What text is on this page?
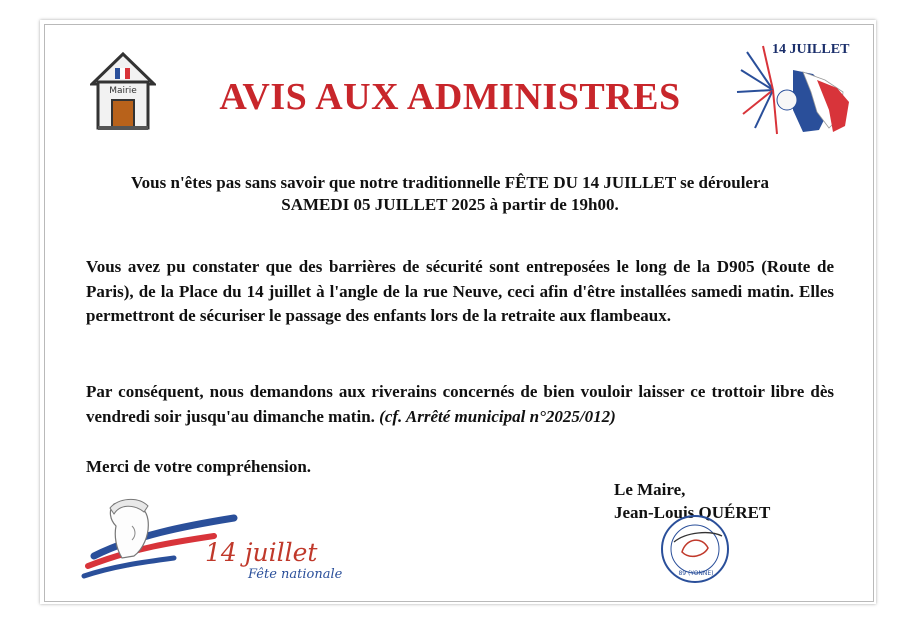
Mairie	AVIS AUX ADMINISTRES
14 JUILLET
Vous n'êtes pas sans savoir que notre traditionnelle FÊTE DU 14 JUILLET se déroulera
SAMEDI 05 JUILLET 2025 à partir de 19h00.
Vous avez pu constater que des barrières de sécurité sont entreposées le long de la D905 (Route de Paris), de la Place du 14 juillet à l'angle de la rue Neuve, ceci afin d'être installées samedi matin. Elles permettront de sécuriser le passage des enfants lors de la retraite aux flambeaux.
Par conséquent, nous demandons aux riverains concernés de bien vouloir laisser ce trottoir libre dès vendredi soir jusqu'au dimanche matin. (cf. Arrêté municipal n°2025/012)
Merci de votre compréhension.
14 juillet
Fête nationale
Le Maire,
Jean-Louis QUÉRET
89 (YONNE)
